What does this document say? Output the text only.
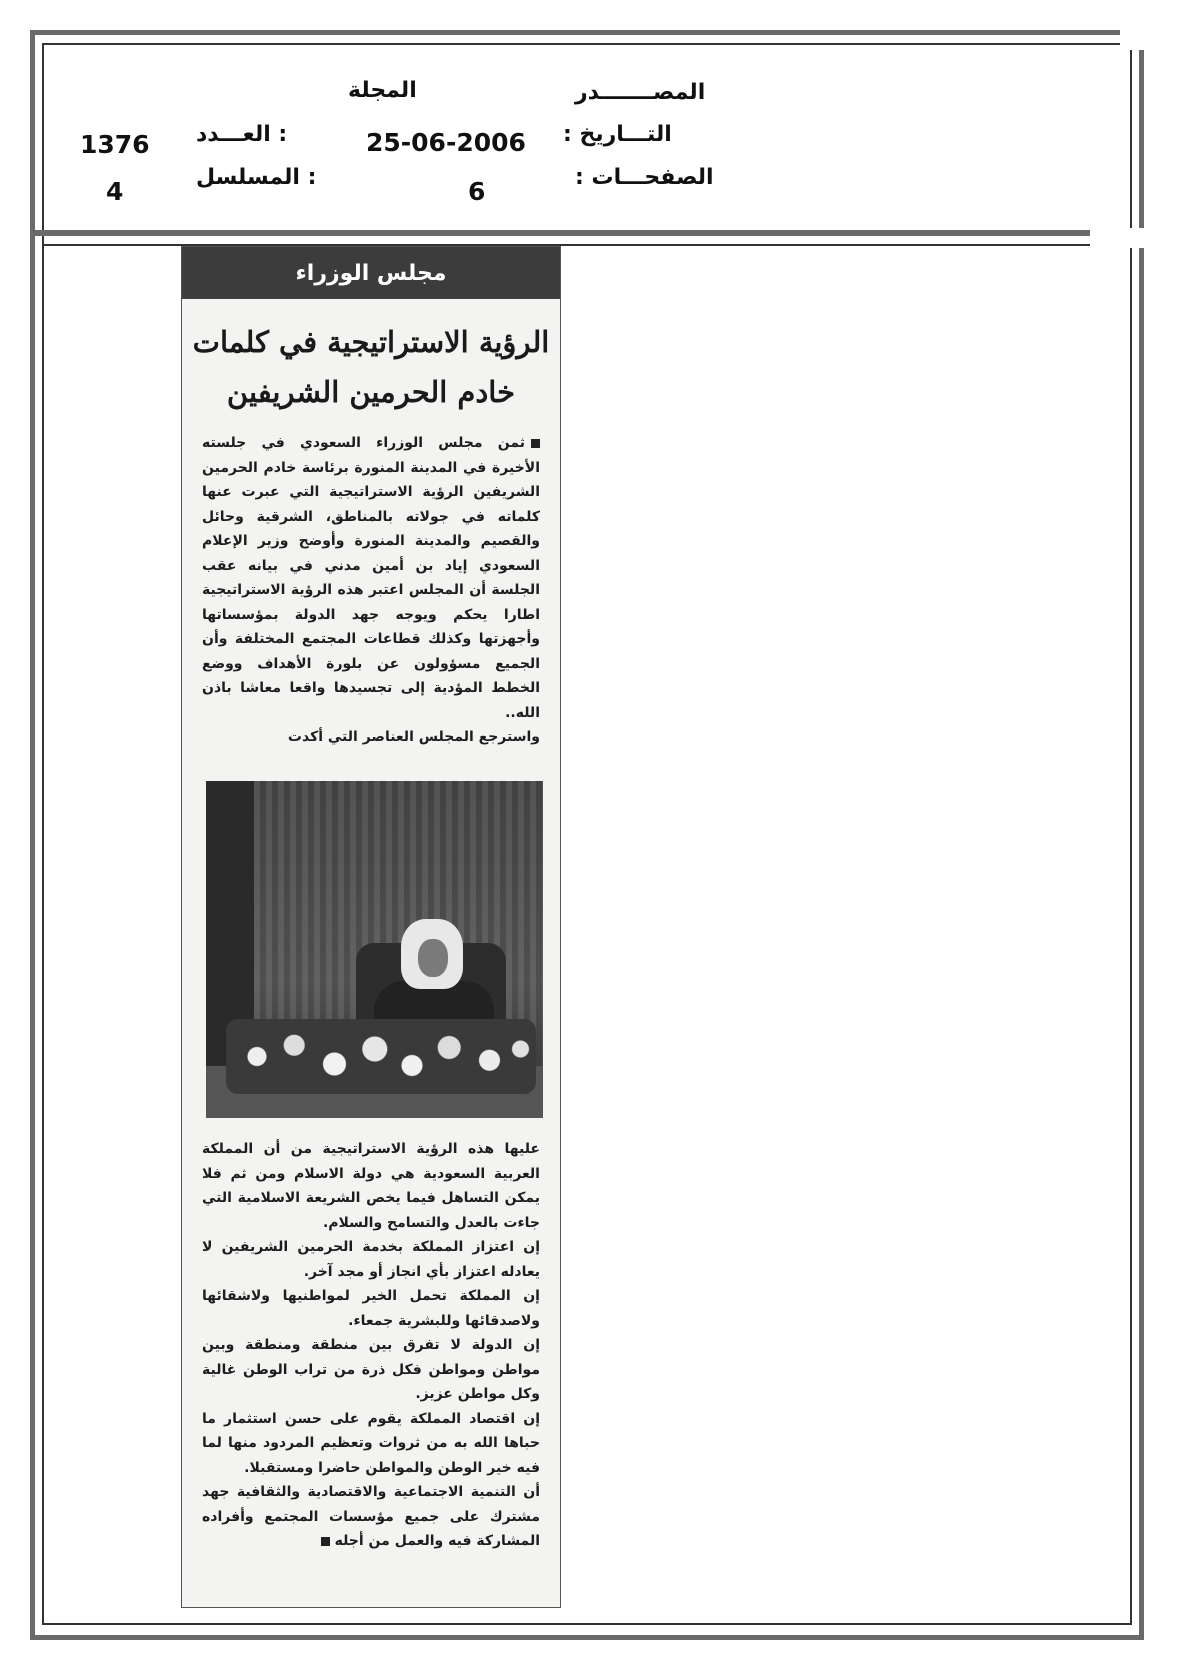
المصـــــــدر
المجلة
التـــاريخ :
25-06-2006
: العـــدد
1376
الصفحـــات :
6
: المسلسل
4
مجلس الوزراء
الرؤية الاستراتيجية في كلمات
خادم الحرمين الشريفين

ثمن مجلس الوزراء السعودي في جلسته الأخيرة في المدينة المنورة برئاسة خادم الحرمين الشريفين الرؤية الاستراتيجية التي عبرت عنها كلماته في جولاته بالمناطق، الشرقية وحائل والقصيم والمدينة المنورة وأوضح وزير الإعلام السعودي إياد بن أمين مدني في بيانه عقب الجلسة أن المجلس اعتبر هذه الرؤية الاستراتيجية اطارا يحكم ويوجه جهد الدولة بمؤسساتها وأجهزتها وكذلك قطاعات المجتمع المختلفة وأن الجميع مسؤولون عن بلورة الأهداف ووضع الخطط المؤدية إلى تجسيدها واقعا معاشا باذن الله..

واسترجع المجلس العناصر التي أكدت

عليها هذه الرؤية الاستراتيجية من أن المملكة العربية السعودية هي دولة الاسلام ومن ثم فلا يمكن التساهل فيما يخص الشريعة الاسلامية التي جاءت بالعدل والتسامح والسلام.

إن اعتزاز المملكة بخدمة الحرمين الشريفين لا يعادله اعتزاز بأي انجاز أو مجد آخر.

إن المملكة تحمل الخير لمواطنيها ولاشقائها ولاصدقائها وللبشرية جمعاء.

إن الدولة لا تفرق بين منطقة ومنطقة وبين مواطن ومواطن فكل ذرة من تراب الوطن غالية وكل مواطن عزيز.

إن اقتصاد المملكة يقوم على حسن استثمار ما حباها الله به من ثروات وتعظيم المردود منها لما فيه خير الوطن والمواطن حاضرا ومستقبلا.

أن التنمية الاجتماعية والاقتصادية والثقافية جهد مشترك على جميع مؤسسات المجتمع وأفراده المشاركة فيه والعمل من أجله
